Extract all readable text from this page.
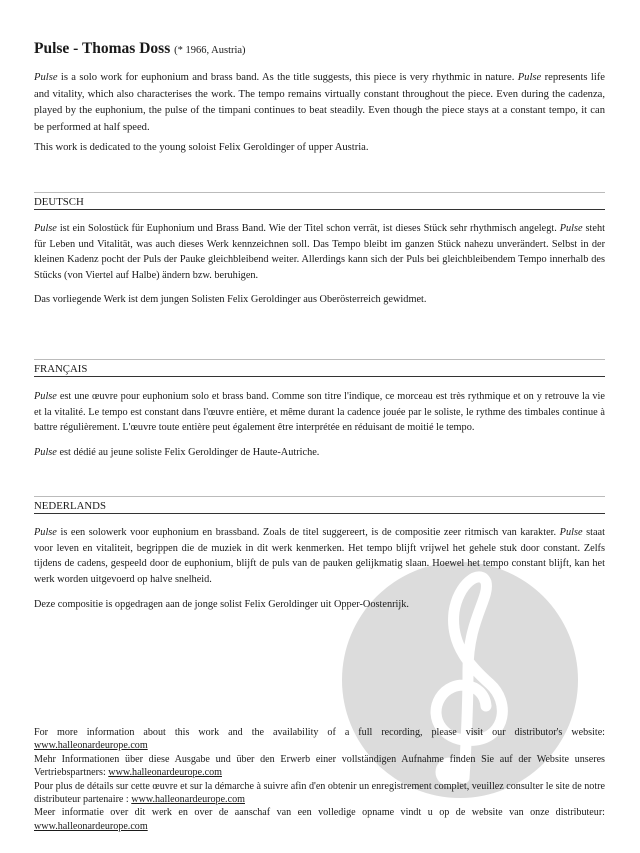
Pulse - Thomas Doss (* 1966, Austria)
Pulse is a solo work for euphonium and brass band. As the title suggests, this piece is very rhythmic in nature. Pulse represents life and vitality, which also characterises the work. The tempo remains virtually constant throughout the piece. Even during the cadenza, played by the euphonium, the pulse of the timpani continues to beat steadily. Even though the piece stays at a constant tempo, it can be performed at half speed.
This work is dedicated to the young soloist Felix Geroldinger of upper Austria.
DEUTSCH
Pulse ist ein Solostück für Euphonium und Brass Band. Wie der Titel schon verrät, ist dieses Stück sehr rhythmisch angelegt. Pulse steht für Leben und Vitalität, was auch dieses Werk kennzeichnen soll. Das Tempo bleibt im ganzen Stück nahezu unverändert. Selbst in der kleinen Kadenz pocht der Puls der Pauke gleichbleibend weiter. Allerdings kann sich der Puls bei gleichbleibendem Tempo innerhalb des Stücks (von Viertel auf Halbe) ändern bzw. beruhigen.
Das vorliegende Werk ist dem jungen Solisten Felix Geroldinger aus Oberösterreich gewidmet.
FRANÇAIS
Pulse est une œuvre pour euphonium solo et brass band. Comme son titre l'indique, ce morceau est très rythmique et on y retrouve la vie et la vitalité. Le tempo est constant dans l'œuvre entière, et même durant la cadence jouée par le soliste, le rythme des timbales continue à battre régulièrement. L'œuvre toute entière peut également être interprétée en réduisant de moitié le tempo.
Pulse est dédié au jeune soliste Felix Geroldinger de Haute-Autriche.
NEDERLANDS
Pulse is een solowerk voor euphonium en brassband. Zoals de titel suggereert, is de compositie zeer ritmisch van karakter. Pulse staat voor leven en vitaliteit, begrippen die de muziek in dit werk kenmerken. Het tempo blijft vrijwel het gehele stuk door constant. Zelfs tijdens de cadens, gespeeld door de euphonium, blijft de puls van de pauken gelijkmatig slaan. Hoewel het tempo constant blijft, kan het werk worden uitgevoerd op halve snelheid.
Deze compositie is opgedragen aan de jonge solist Felix Geroldinger uit Opper-Oostenrijk.
For more information about this work and the availability of a full recording, please visit our distributor's website: www.halleonardeurope.com
Mehr Informationen über diese Ausgabe und über den Erwerb einer vollständigen Aufnahme finden Sie auf der Website unseres Vertriebspartners: www.halleonardeurope.com
Pour plus de détails sur cette œuvre et sur la démarche à suivre afin d'en obtenir un enregistrement complet, veuillez consulter le site de notre distributeur partenaire : www.halleonardeurope.com
Meer informatie over dit werk en over de aanschaf van een volledige opname vindt u op de website van onze distributeur: www.halleonardeurope.com
